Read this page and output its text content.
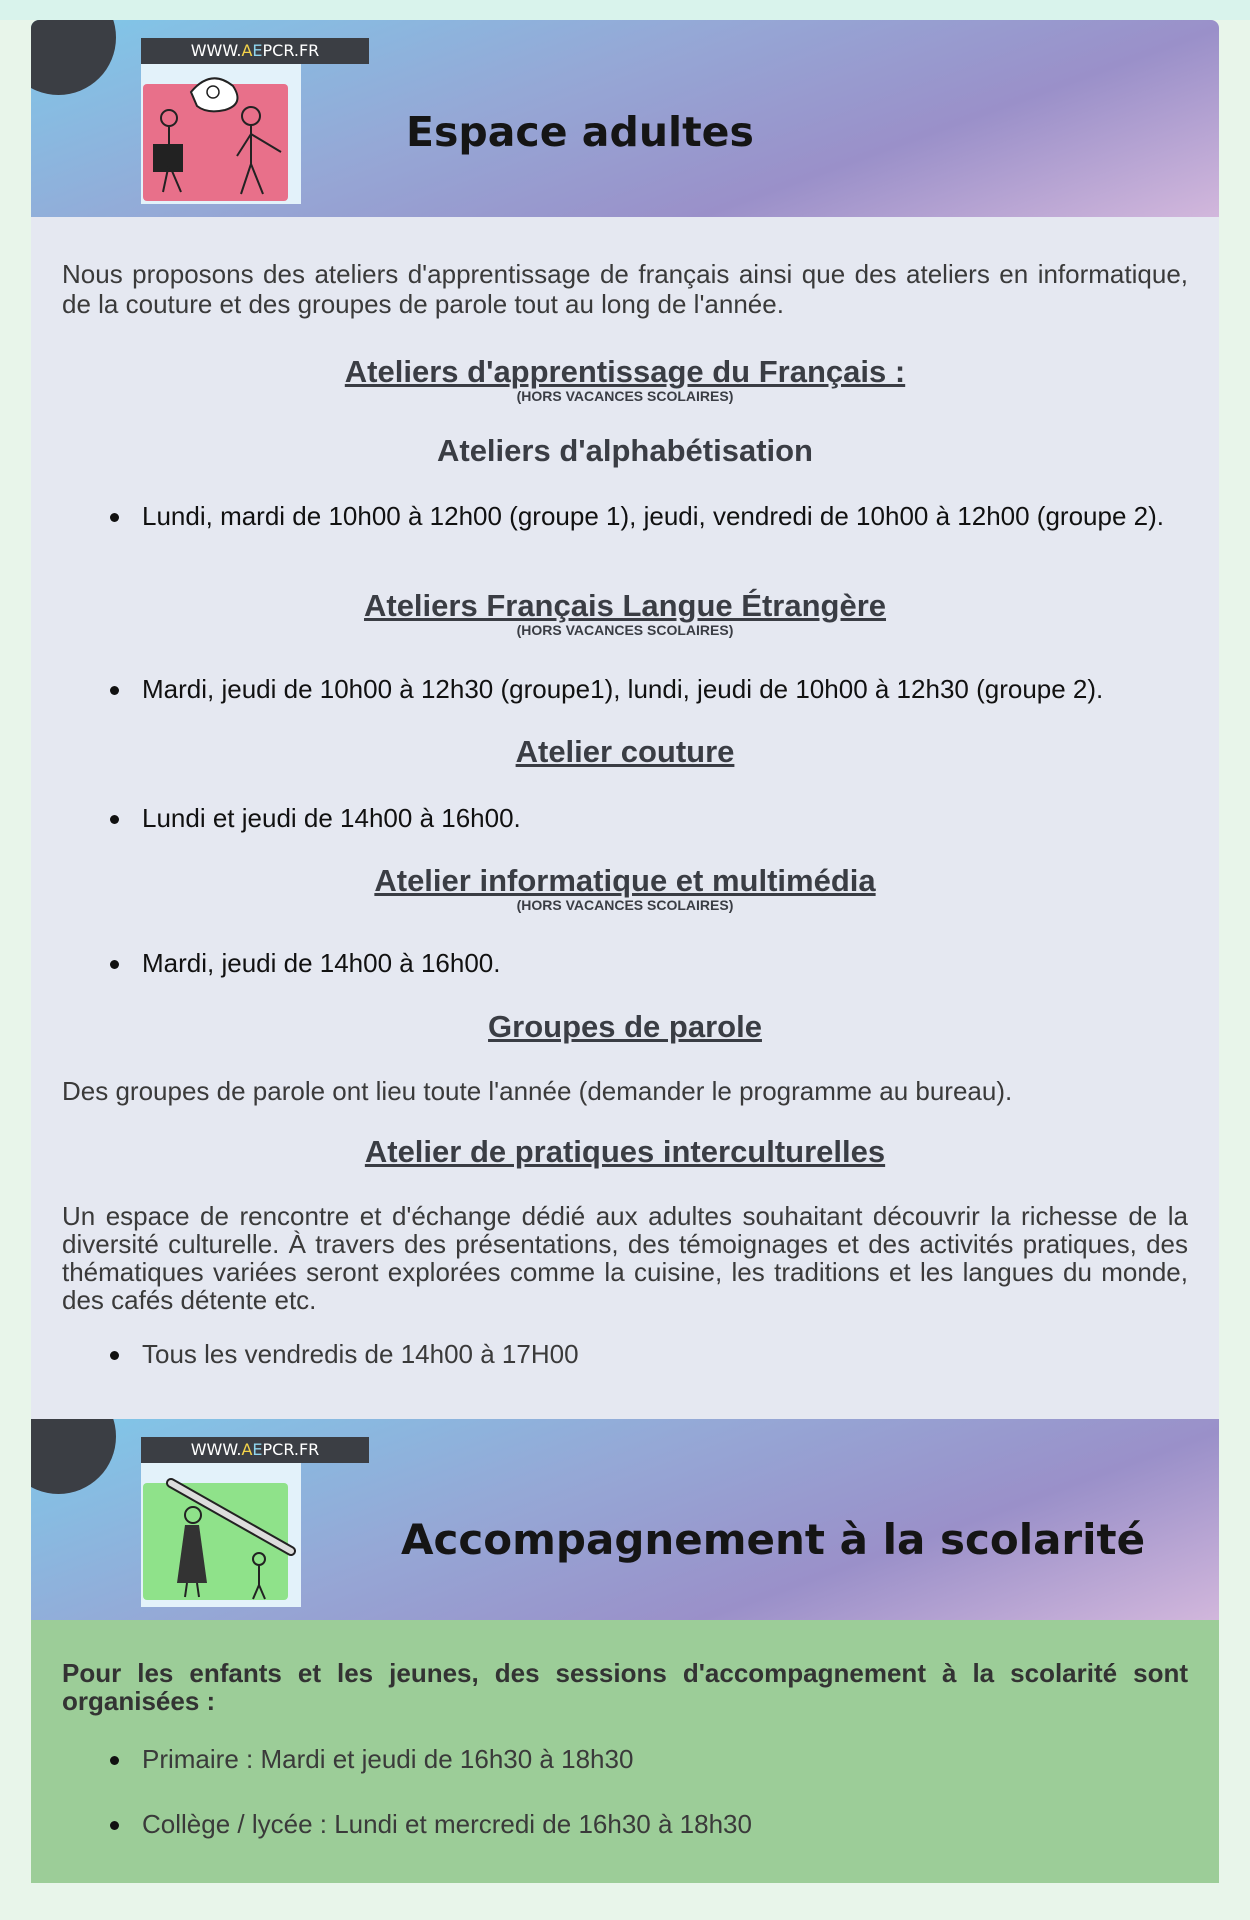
WWW.AEPCR.FR
Espace adultes

Nous proposons des ateliers d'apprentissage de français ainsi que des ateliers en informatique, de la couture et des groupes de parole tout au long de l'année.

Ateliers d'apprentissage du Français :
(HORS VACANCES SCOLAIRES)
Ateliers d'alphabétisation
Lundi, mardi de 10h00 à 12h00 (groupe 1), jeudi, vendredi de 10h00 à 12h00 (groupe 2).
Ateliers Français Langue Étrangère
(HORS VACANCES SCOLAIRES)
Mardi, jeudi de 10h00 à 12h30 (groupe1), lundi, jeudi de 10h00 à 12h30 (groupe 2).
Atelier couture
Lundi et jeudi de 14h00 à 16h00.
Atelier informatique et multimédia
(HORS VACANCES SCOLAIRES)
Mardi, jeudi de 14h00 à 16h00.
Groupes de parole
Des groupes de parole ont lieu toute l'année (demander le programme au bureau).
Atelier de pratiques interculturelles
Un espace de rencontre et d'échange dédié aux adultes souhaitant découvrir la richesse de la diversité culturelle. À travers des présentations, des témoignages et des activités pratiques, des thématiques variées seront explorées comme la cuisine, les traditions et les langues du monde, des cafés détente etc.
Tous les vendredis de 14h00 à 17H00
WWW.AEPCR.FR
Accompagnement à la scolarité

Pour les enfants et les jeunes, des sessions d'accompagnement à la scolarité sont organisées :

Primaire : Mardi et jeudi de 16h30 à 18h30
Collège / lycée : Lundi et mercredi de 16h30 à 18h30
